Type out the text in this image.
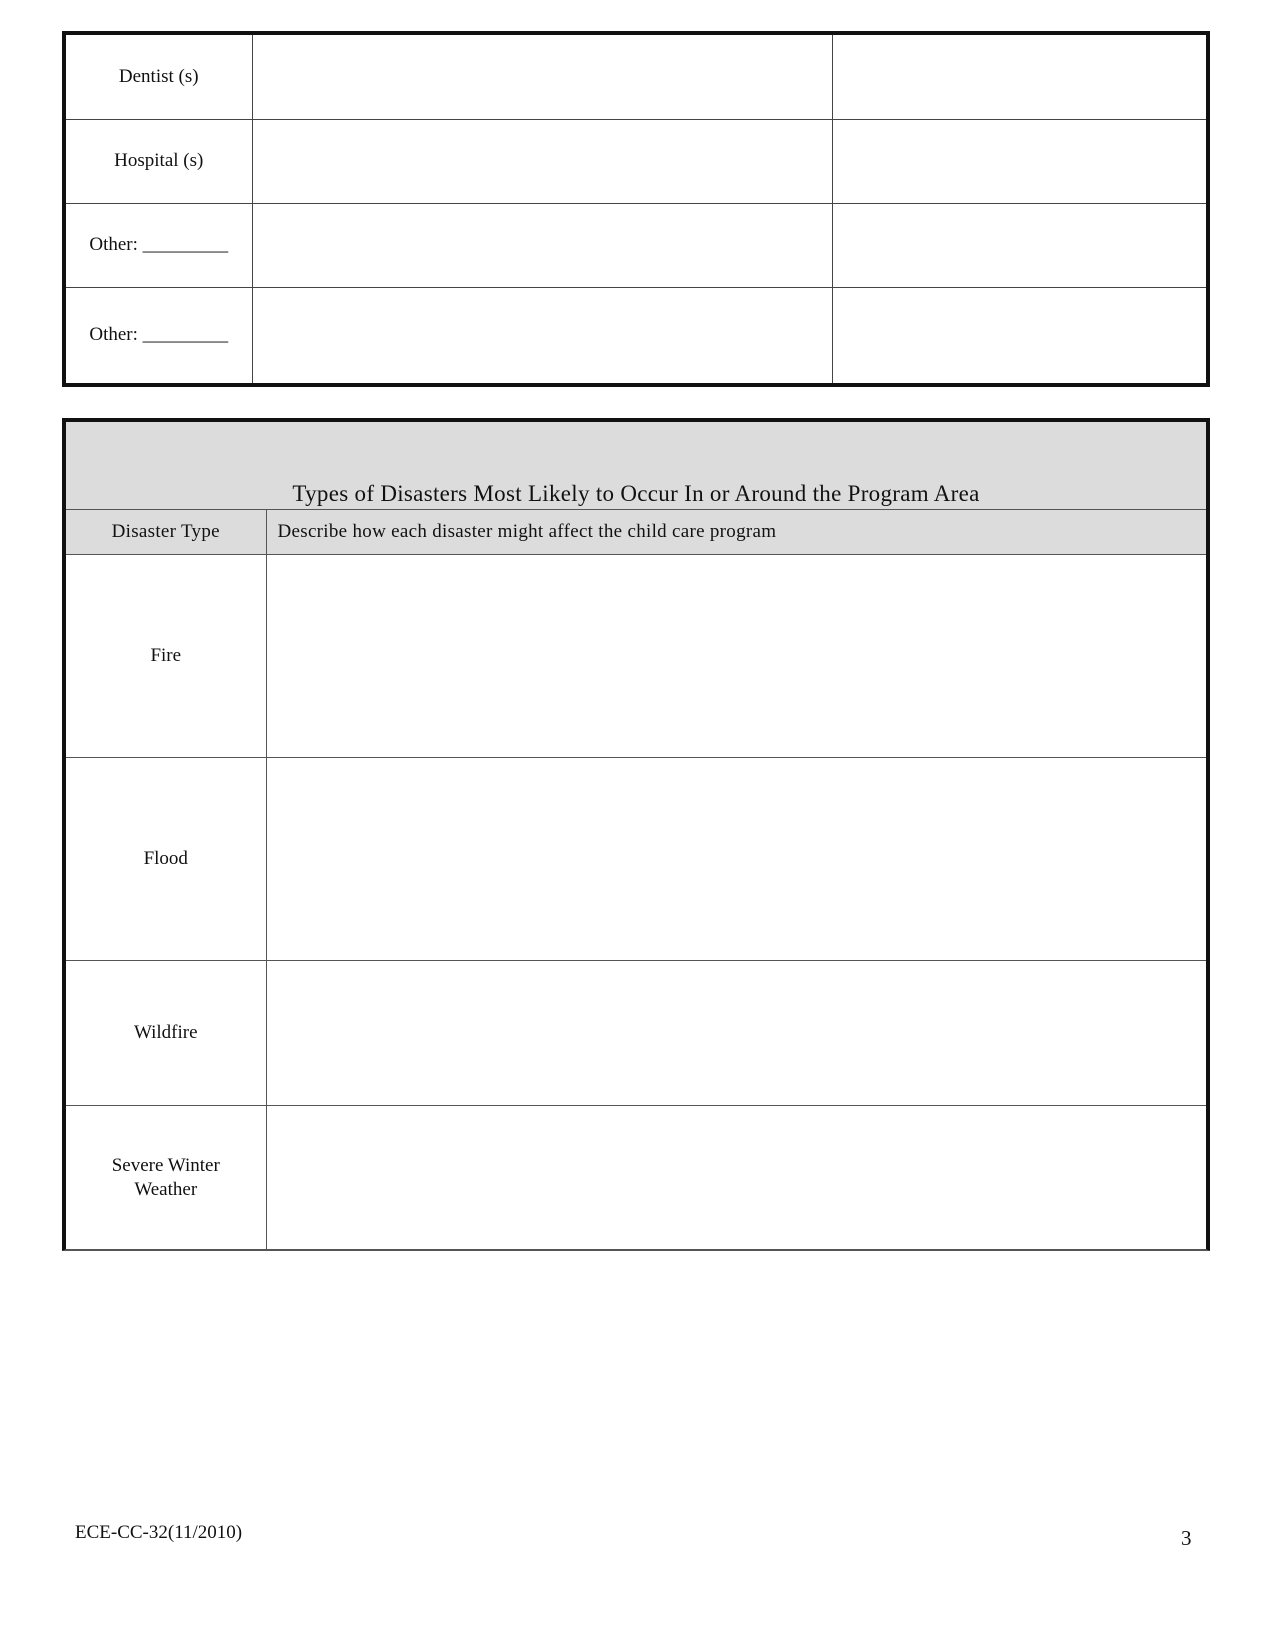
Dentist (s)		
Hospital (s)		
Other: _________		
Other: _________		
Types of Disasters Most Likely to Occur In or Around the Program Area
Disaster Type	Describe how each disaster might affect the child care program
Fire	
Flood	
Wildfire	
Severe Winter Weather	
ECE-CC-32(11/2010)	3
